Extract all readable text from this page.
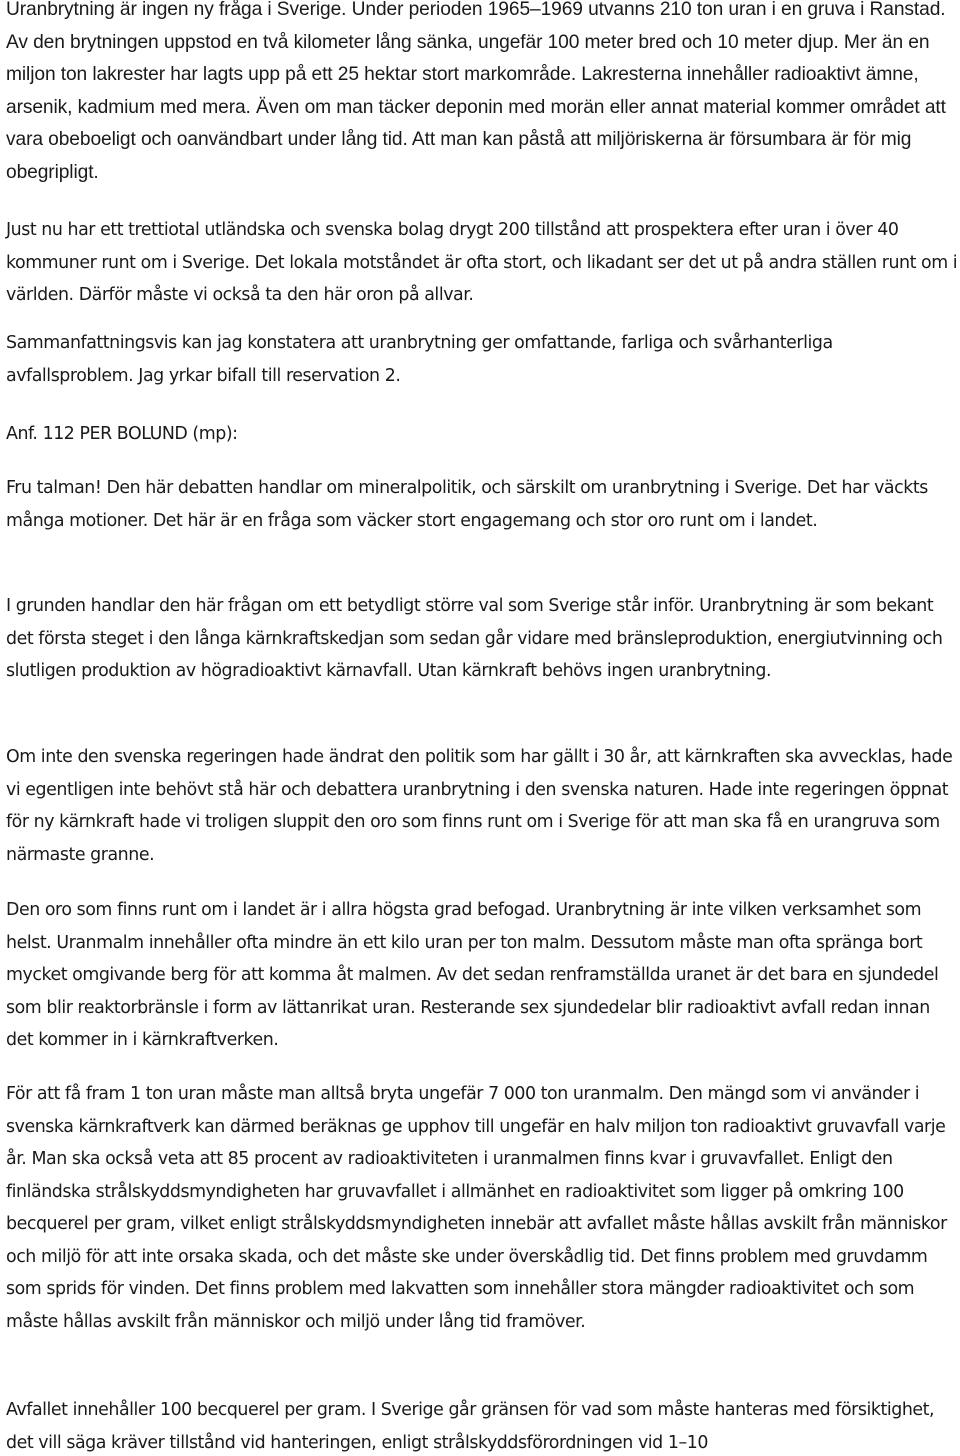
Uranbrytning är ingen ny fråga i Sverige. Under perioden 1965–1969 utvanns 210 ton uran i en gruva i Ranstad. Av den brytningen uppstod en två kilometer lång sänka, ungefär 100 meter bred och 10 meter djup. Mer än en miljon ton lakrester har lagts upp på ett 25 hektar stort markområde. Lakresterna innehåller radioaktivt ämne, arsenik, kadmium med mera. Även om man täcker deponin med morän eller annat material kommer området att vara obeboeligt och oanvändbart under lång tid. Att man kan påstå att miljöriskerna är försumbara är för mig obegripligt.

Just nu har ett trettiotal utländska och svenska bolag drygt 200 tillstånd att prospektera efter uran i över 40 kommuner runt om i Sverige. Det lokala motståndet är ofta stort, och likadant ser det ut på andra ställen runt om i världen. Därför måste vi också ta den här oron på allvar.

Sammanfattningsvis kan jag konstatera att uranbrytning ger omfattande, farliga och svårhanterliga avfallsproblem. Jag yrkar bifall till reservation 2.

Anf. 112 PER BOLUND (mp):

Fru talman! Den här debatten handlar om mineralpolitik, och särskilt om uranbrytning i Sverige. Det har väckts många motioner. Det här är en fråga som väcker stort engagemang och stor oro runt om i landet.

I grunden handlar den här frågan om ett betydligt större val som Sverige står inför. Uranbrytning är som bekant det första steget i den långa kärnkraftskedjan som sedan går vidare med bränsleproduktion, energiutvinning och slutligen produktion av högradioaktivt kärnavfall. Utan kärnkraft behövs ingen uranbrytning.

Om inte den svenska regeringen hade ändrat den politik som har gällt i 30 år, att kärnkraften ska avvecklas, hade vi egentligen inte behövt stå här och debattera uranbrytning i den svenska naturen. Hade inte regeringen öppnat för ny kärnkraft hade vi troligen sluppit den oro som finns runt om i Sverige för att man ska få en urangruva som närmaste granne.

Den oro som finns runt om i landet är i allra högsta grad befogad. Uranbrytning är inte vilken verksamhet som helst. Uranmalm innehåller ofta mindre än ett kilo uran per ton malm. Dessutom måste man ofta spränga bort mycket omgivande berg för att komma åt malmen. Av det sedan renframställda uranet är det bara en sjundedel som blir reaktorbränsle i form av lättanrikat uran. Resterande sex sjundedelar blir radioaktivt avfall redan innan det kommer in i kärnkraftverken.

För att få fram 1 ton uran måste man alltså bryta ungefär 7 000 ton uranmalm. Den mängd som vi använder i svenska kärnkraftverk kan därmed beräknas ge upphov till ungefär en halv miljon ton radioaktivt gruvavfall varje år. Man ska också veta att 85 procent av radioaktiviteten i uranmalmen finns kvar i gruvavfallet. Enligt den finländska strålskyddsmyndigheten har gruvavfallet i allmänhet en radioaktivitet som ligger på omkring 100 becquerel per gram, vilket enligt strålskyddsmyndigheten innebär att avfallet måste hållas avskilt från människor och miljö för att inte orsaka skada, och det måste ske under överskådlig tid. Det finns problem med gruvdamm som sprids för vinden. Det finns problem med lakvatten som innehåller stora mängder radioaktivitet och som måste hållas avskilt från människor och miljö under lång tid framöver.

Avfallet innehåller 100 becquerel per gram. I Sverige går gränsen för vad som måste hanteras med försiktighet, det vill säga kräver tillstånd vid hanteringen, enligt strålskyddsförordningen vid 1–10
